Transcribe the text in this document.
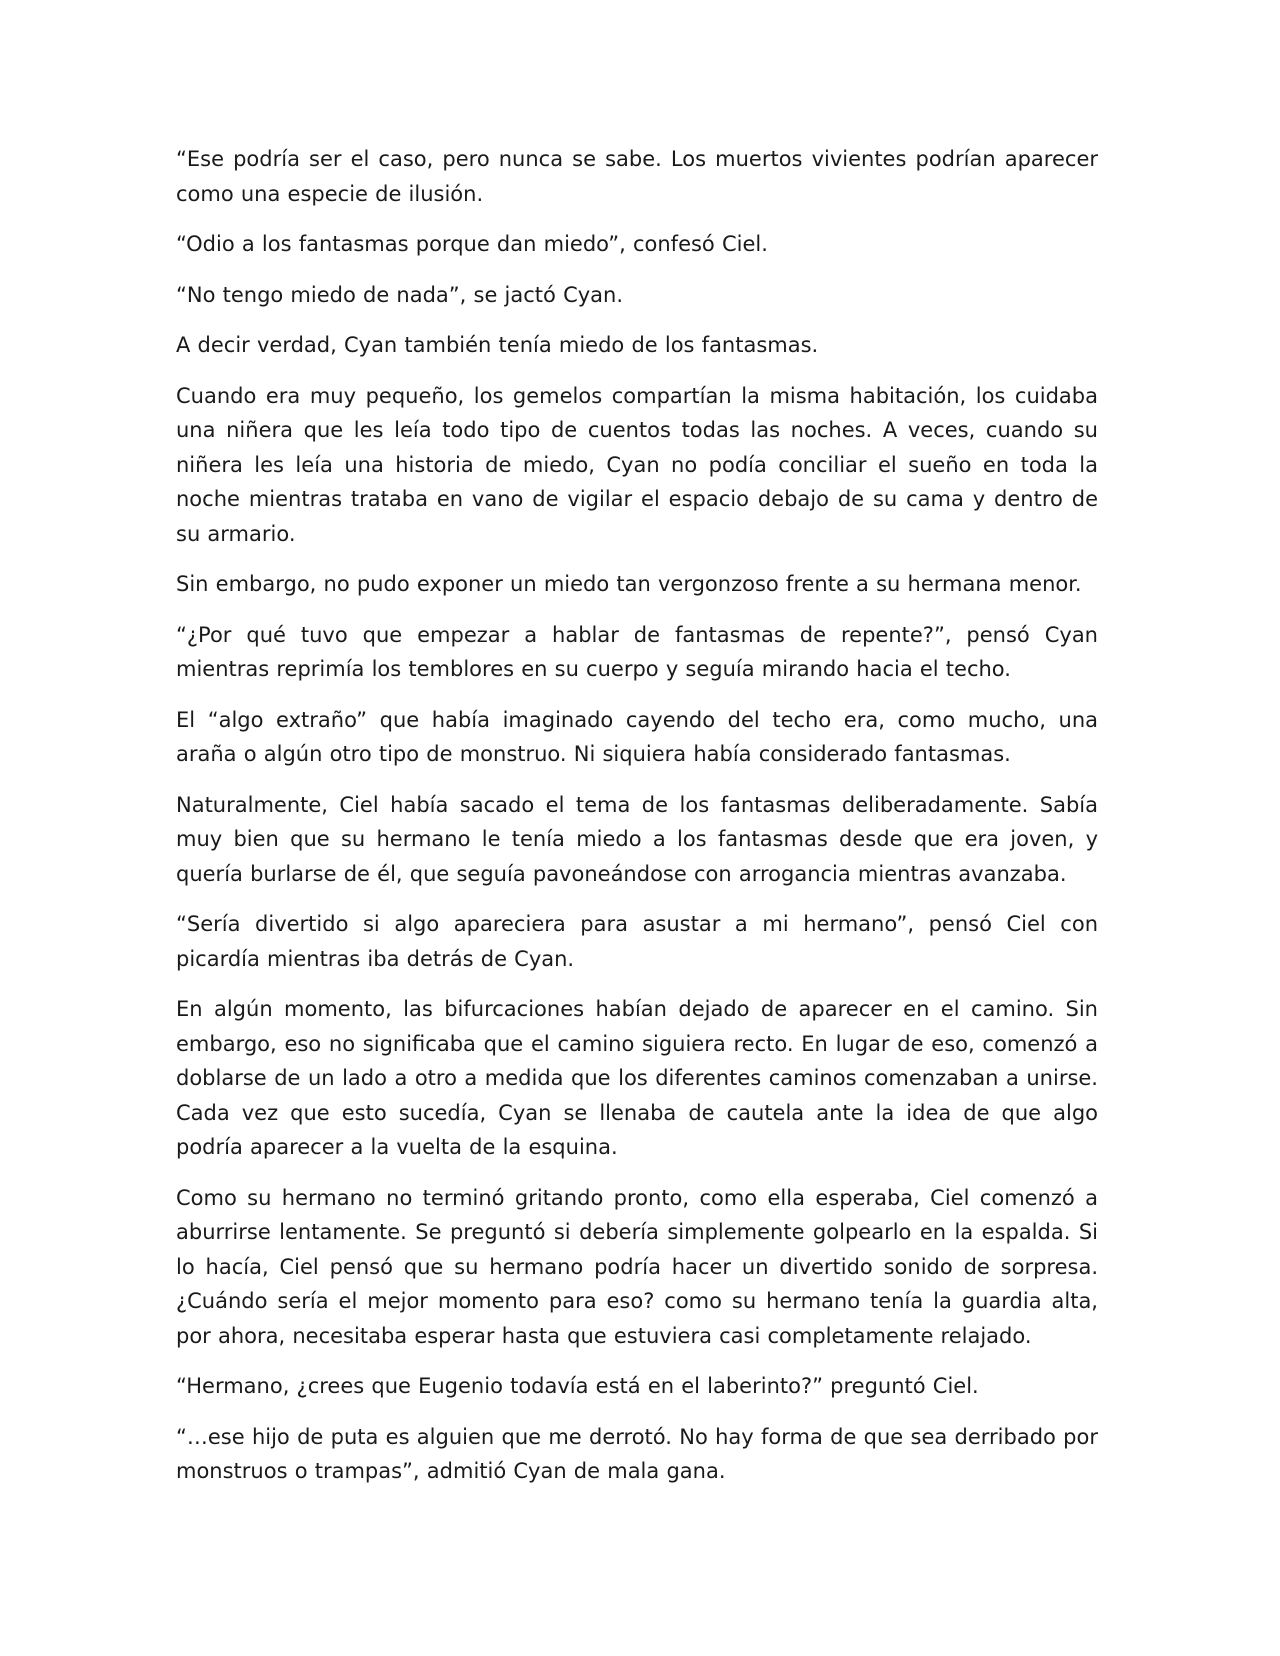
“Ese podría ser el caso, pero nunca se sabe. Los muertos vivientes podrían aparecer como una especie de ilusión.

“Odio a los fantasmas porque dan miedo”, confesó Ciel.

“No tengo miedo de nada”, se jactó Cyan.

A decir verdad, Cyan también tenía miedo de los fantasmas.

Cuando era muy pequeño, los gemelos compartían la misma habitación, los cuidaba una niñera que les leía todo tipo de cuentos todas las noches. A veces, cuando su niñera les leía una historia de miedo, Cyan no podía conciliar el sueño en toda la noche mientras trataba en vano de vigilar el espacio debajo de su cama y dentro de su armario.

Sin embargo, no pudo exponer un miedo tan vergonzoso frente a su hermana menor.

“¿Por qué tuvo que empezar a hablar de fantasmas de repente?”, pensó Cyan mientras reprimía los temblores en su cuerpo y seguía mirando hacia el techo.

El “algo extraño” que había imaginado cayendo del techo era, como mucho, una araña o algún otro tipo de monstruo. Ni siquiera había considerado fantasmas.

Naturalmente, Ciel había sacado el tema de los fantasmas deliberadamente. Sabía muy bien que su hermano le tenía miedo a los fantasmas desde que era joven, y quería burlarse de él, que seguía pavoneándose con arrogancia mientras avanzaba.

“Sería divertido si algo apareciera para asustar a mi hermano”, pensó Ciel con picardía mientras iba detrás de Cyan.

En algún momento, las bifurcaciones habían dejado de aparecer en el camino. Sin embargo, eso no significaba que el camino siguiera recto. En lugar de eso, comenzó a doblarse de un lado a otro a medida que los diferentes caminos comenzaban a unirse. Cada vez que esto sucedía, Cyan se llenaba de cautela ante la idea de que algo podría aparecer a la vuelta de la esquina.

Como su hermano no terminó gritando pronto, como ella esperaba, Ciel comenzó a aburrirse lentamente. Se preguntó si debería simplemente golpearlo en la espalda. Si lo hacía, Ciel pensó que su hermano podría hacer un divertido sonido de sorpresa. ¿Cuándo sería el mejor momento para eso? como su hermano tenía la guardia alta, por ahora, necesitaba esperar hasta que estuviera casi completamente relajado.

“Hermano, ¿crees que Eugenio todavía está en el laberinto?” preguntó Ciel.

“…ese hijo de puta es alguien que me derrotó. No hay forma de que sea derribado por monstruos o trampas”, admitió Cyan de mala gana.
